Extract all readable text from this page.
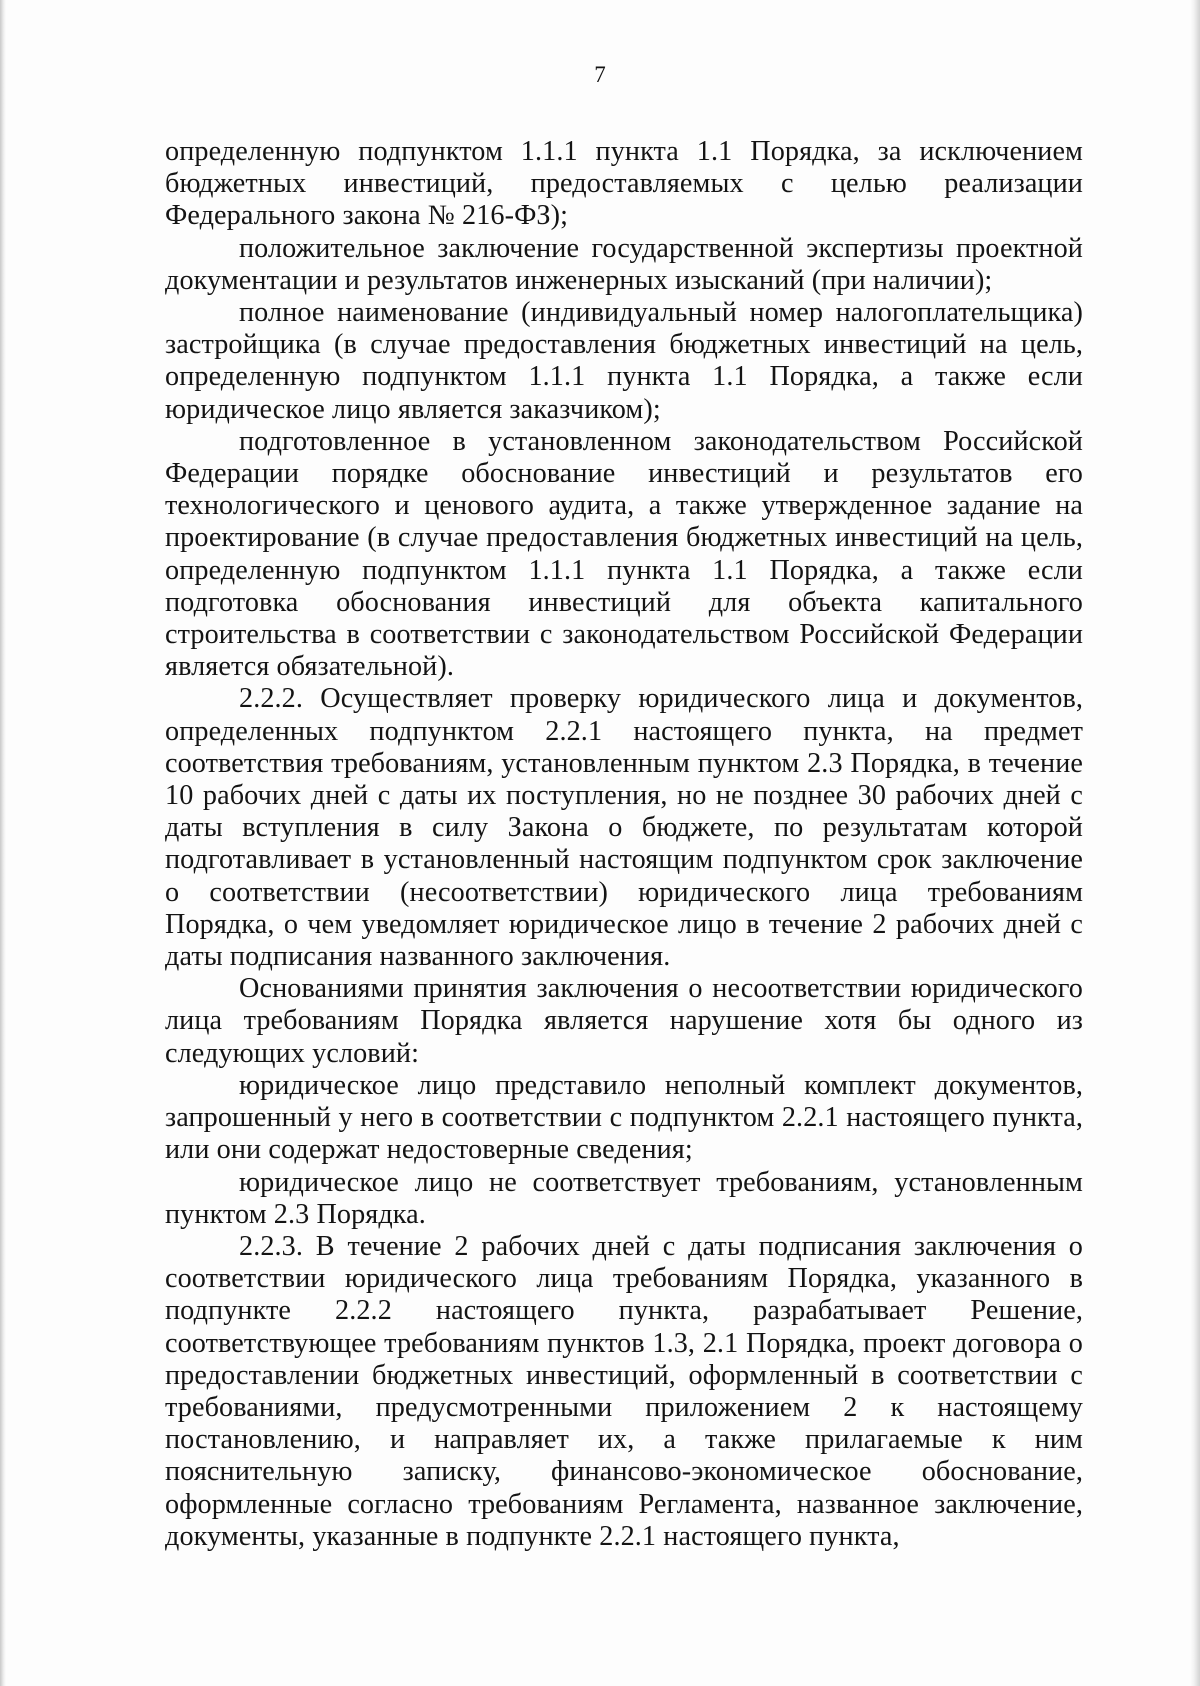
7

определенную подпунктом 1.1.1 пункта 1.1 Порядка, за исключением бюджетных инвестиций, предоставляемых с целью реализации Федерального закона № 216-ФЗ);

положительное заключение государственной экспертизы проектной документации и результатов инженерных изысканий (при наличии);

полное наименование (индивидуальный номер налогоплательщика) застройщика (в случае предоставления бюджетных инвестиций на цель, определенную подпунктом 1.1.1 пункта 1.1 Порядка, а также если юридическое лицо является заказчиком);

подготовленное в установленном законодательством Российской Федерации порядке обоснование инвестиций и результатов его технологического и ценового аудита, а также утвержденное задание на проектирование (в случае предоставления бюджетных инвестиций на цель, определенную подпунктом 1.1.1 пункта 1.1 Порядка, а также если подготовка обоснования инвестиций для объекта капитального строительства в соответствии с законодательством Российской Федерации является обязательной).

2.2.2. Осуществляет проверку юридического лица и документов, определенных подпунктом 2.2.1 настоящего пункта, на предмет соответствия требованиям, установленным пунктом 2.3 Порядка, в течение 10 рабочих дней с даты их поступления, но не позднее 30 рабочих дней с даты вступления в силу Закона о бюджете, по результатам которой подготавливает в установленный настоящим подпунктом срок заключение о соответствии (несоответствии) юридического лица требованиям Порядка, о чем уведомляет юридическое лицо в течение 2 рабочих дней с даты подписания названного заключения.

Основаниями принятия заключения о несоответствии юридического лица требованиям Порядка является нарушение хотя бы одного из следующих условий:

юридическое лицо представило неполный комплект документов, запрошенный у него в соответствии с подпунктом 2.2.1 настоящего пункта, или они содержат недостоверные сведения;

юридическое лицо не соответствует требованиям, установленным пунктом 2.3 Порядка.

2.2.3. В течение 2 рабочих дней с даты подписания заключения о соответствии юридического лица требованиям Порядка, указанного в подпункте 2.2.2 настоящего пункта, разрабатывает Решение, соответствующее требованиям пунктов 1.3, 2.1 Порядка, проект договора о предоставлении бюджетных инвестиций, оформленный в соответствии с требованиями, предусмотренными приложением 2 к настоящему постановлению, и направляет их, а также прилагаемые к ним пояснительную записку, финансово-экономическое обоснование, оформленные согласно требованиям Регламента, названное заключение, документы, указанные в подпункте 2.2.1 настоящего пункта,
